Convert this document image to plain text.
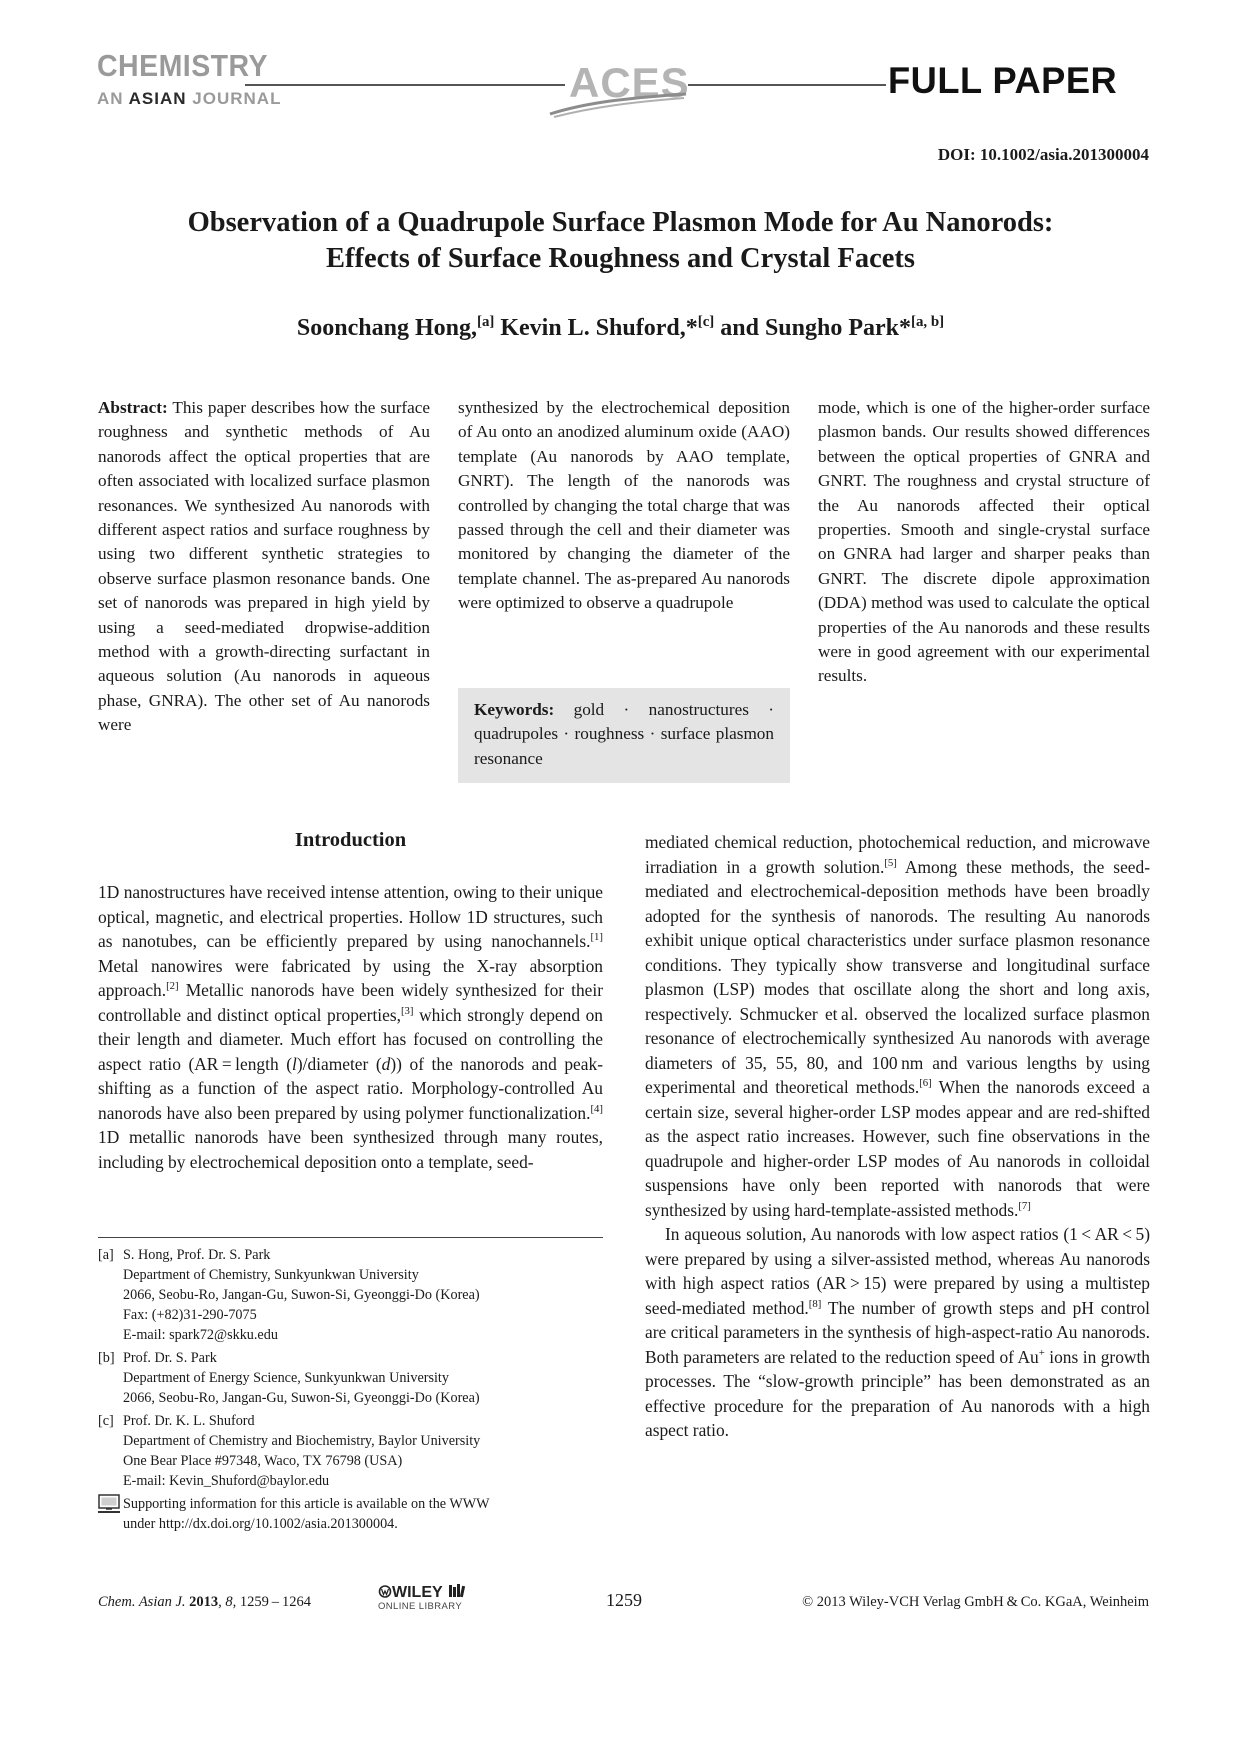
CHEMISTRY
AN ASIAN JOURNAL	ACES	FULL PAPER
DOI: 10.1002/asia.201300004
Observation of a Quadrupole Surface Plasmon Mode for Au Nanorods:
Effects of Surface Roughness and Crystal Facets
Soonchang Hong,[a] Kevin L. Shuford,*[c] and Sungho Park*[a, b]
Abstract: This paper describes how the surface roughness and synthetic methods of Au nanorods affect the optical properties that are often associated with localized surface plasmon resonances. We synthesized Au nanorods with different aspect ratios and surface roughness by using two different synthetic strategies to observe surface plasmon resonance bands. One set of nanorods was prepared in high yield by using a seed-mediated dropwise-addition method with a growth-directing surfactant in aqueous solution (Au nanorods in aqueous phase, GNRA). The other set of Au nanorods were
synthesized by the electrochemical deposition of Au onto an anodized aluminum oxide (AAO) template (Au nanorods by AAO template, GNRT). The length of the nanorods was controlled by changing the total charge that was passed through the cell and their diameter was monitored by changing the diameter of the template channel. The as-prepared Au nanorods were optimized to observe a quadrupole
mode, which is one of the higher-order surface plasmon bands. Our results showed differences between the optical properties of GNRA and GNRT. The roughness and crystal structure of the Au nanorods affected their optical properties. Smooth and single-crystal surface on GNRA had larger and sharper peaks than GNRT. The discrete dipole approximation (DDA) method was used to calculate the optical properties of the Au nanorods and these results were in good agreement with our experimental results.
Keywords: gold · nanostructures · quadrupoles · roughness · surface plasmon resonance
Introduction

1D nanostructures have received intense attention, owing to their unique optical, magnetic, and electrical properties. Hollow 1D structures, such as nanotubes, can be efficiently prepared by using nanochannels.[1] Metal nanowires were fabricated by using the X-ray absorption approach.[2] Metallic nanorods have been widely synthesized for their controllable and distinct optical properties,[3] which strongly depend on their length and diameter. Much effort has focused on controlling the aspect ratio (AR = length (l)/diameter (d)) of the nanorods and peak-shifting as a function of the aspect ratio. Morphology-controlled Au nanorods have also been prepared by using polymer functionalization.[4] 1D metallic nanorods have been synthesized through many routes, including by electrochemical deposition onto a template, seed-

mediated chemical reduction, photochemical reduction, and microwave irradiation in a growth solution.[5] Among these methods, the seed-mediated and electrochemical-deposition methods have been broadly adopted for the synthesis of nanorods. The resulting Au nanorods exhibit unique optical characteristics under surface plasmon resonance conditions. They typically show transverse and longitudinal surface plasmon (LSP) modes that oscillate along the short and long axis, respectively. Schmucker et al. observed the localized surface plasmon resonance of electrochemically synthesized Au nanorods with average diameters of 35, 55, 80, and 100 nm and various lengths by using experimental and theoretical methods.[6] When the nanorods exceed a certain size, several higher-order LSP modes appear and are red-shifted as the aspect ratio increases. However, such fine observations in the quadrupole and higher-order LSP modes of Au nanorods in colloidal suspensions have only been reported with nanorods that were synthesized by using hard-template-assisted methods.[7]

In aqueous solution, Au nanorods with low aspect ratios (1 < AR < 5) were prepared by using a silver-assisted method, whereas Au nanorods with high aspect ratios (AR > 15) were prepared by using a multistep seed-mediated method.[8] The number of growth steps and pH control are critical parameters in the synthesis of high-aspect-ratio Au nanorods. Both parameters are related to the reduction speed of Au+ ions in growth processes. The “slow-growth principle” has been demonstrated as an effective procedure for the preparation of Au nanorods with a high aspect ratio.

[a] S. Hong, Prof. Dr. S. Park
Department of Chemistry, Sunkyunkwan University
2066, Seobu-Ro, Jangan-Gu, Suwon-Si, Gyeonggi-Do (Korea)
Fax: (+82)31-290-7075
E-mail: spark72@skku.edu
[b] Prof. Dr. S. Park
Department of Energy Science, Sunkyunkwan University
2066, Seobu-Ro, Jangan-Gu, Suwon-Si, Gyeonggi-Do (Korea)
[c] Prof. Dr. K. L. Shuford
Department of Chemistry and Biochemistry, Baylor University
One Bear Place #97348, Waco, TX 76798 (USA)
E-mail: Kevin_Shuford@baylor.edu
Supporting information for this article is available on the WWW
under http://dx.doi.org/10.1002/asia.201300004.
Chem. Asian J. 2013, 8, 1259 – 1264
WILEY
ONLINE LIBRARY	1259	© 2013 Wiley-VCH Verlag GmbH & Co. KGaA, Weinheim
